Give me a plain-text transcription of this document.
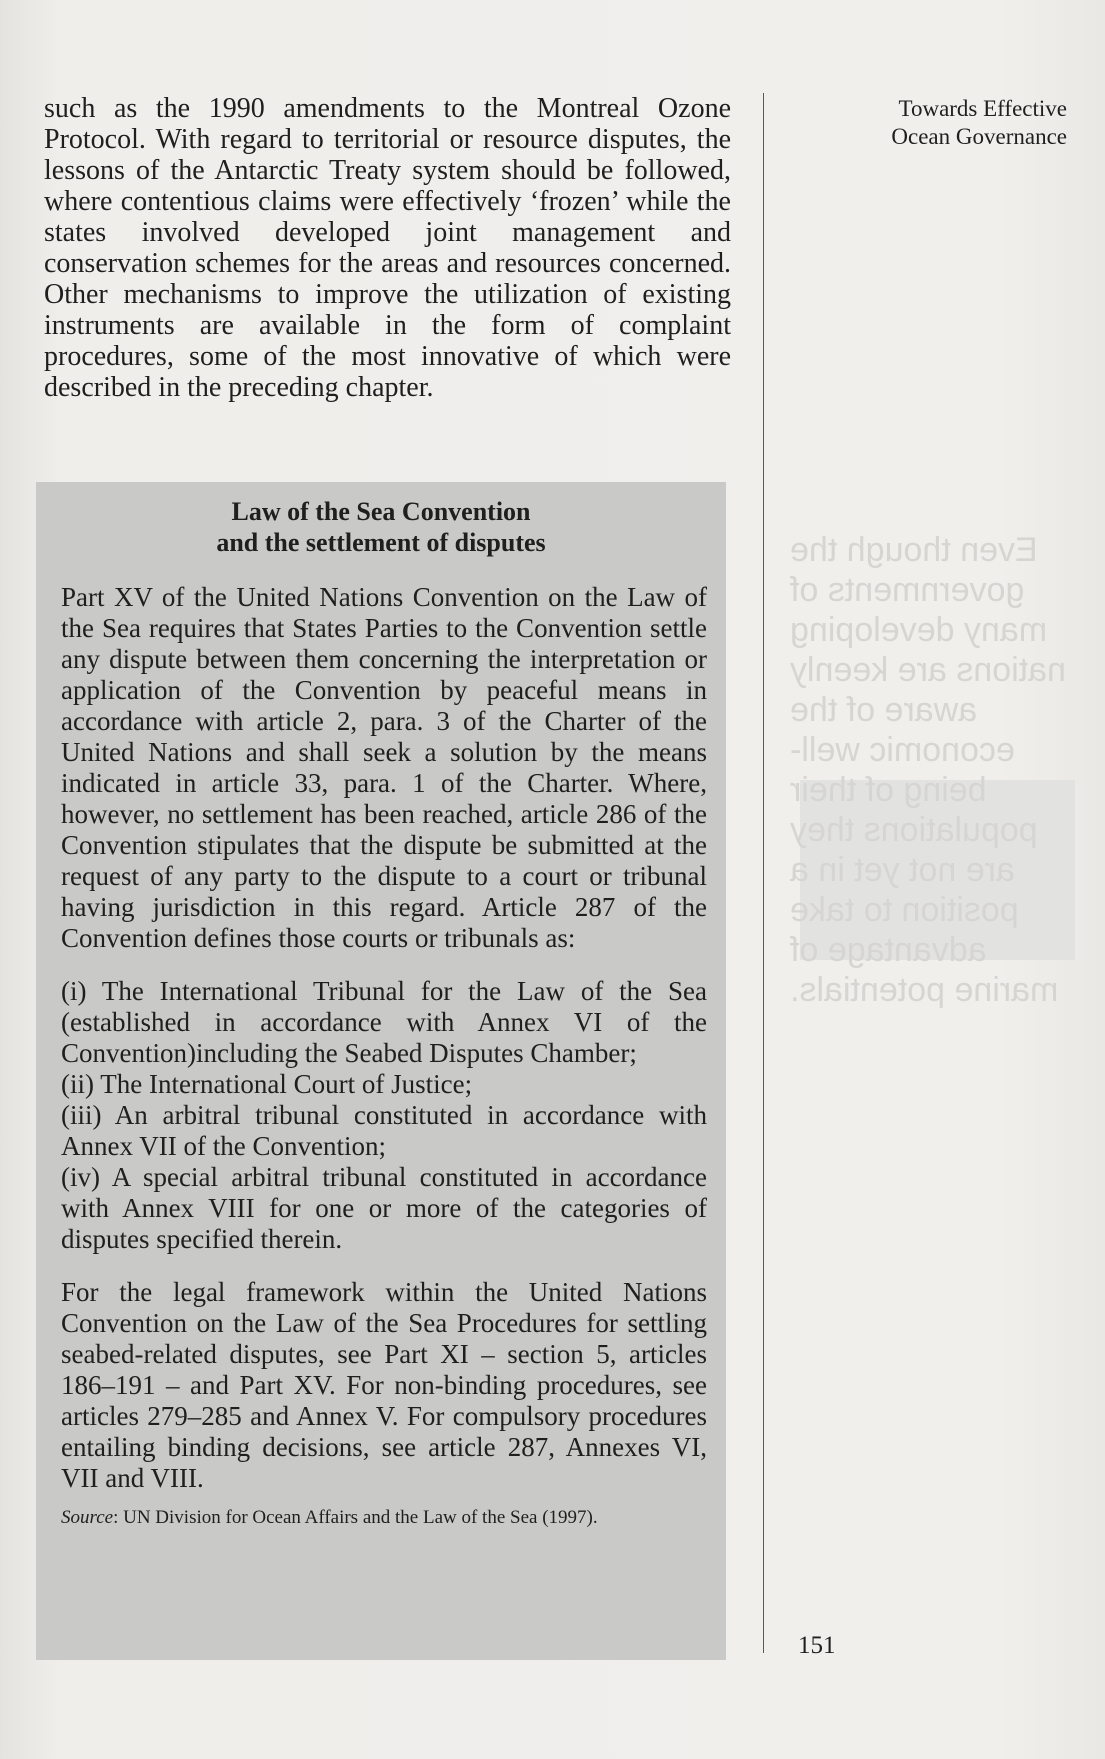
Even though the governments of many developing nations are keenly aware of the economic well-being of their populations they are not yet in a position to take advantage of marine potentials.
Towards Effective
Ocean Governance

such as the 1990 amendments to the Montreal Ozone Protocol. With regard to territorial or resource disputes, the lessons of the Antarctic Treaty system should be followed, where contentious claims were effectively ‘frozen’ while the states involved developed joint management and conservation schemes for the areas and resources concerned. Other mechanisms to improve the utilization of existing instruments are available in the form of complaint procedures, some of the most innovative of which were described in the preceding chapter.

Law of the Sea Convention
and the settlement of disputes

Part XV of the United Nations Convention on the Law of the Sea requires that States Parties to the Convention settle any dispute between them concerning the interpretation or application of the Convention by peaceful means in accordance with article 2, para. 3 of the Charter of the United Nations and shall seek a solution by the means indicated in article 33, para. 1 of the Charter. Where, however, no settlement has been reached, article 286 of the Convention stipulates that the dispute be submitted at the request of any party to the dispute to a court or tribunal having jurisdiction in this regard. Article 287 of the Convention defines those courts or tribunals as:

(i) The International Tribunal for the Law of the Sea (established in accordance with Annex VI of the Convention)including the Seabed Disputes Chamber;

(ii) The International Court of Justice;

(iii) An arbitral tribunal constituted in accordance with Annex VII of the Convention;

(iv) A special arbitral tribunal constituted in accordance with Annex VIII for one or more of the categories of disputes specified therein.

For the legal framework within the United Nations Convention on the Law of the Sea Procedures for settling seabed-related disputes, see Part XI – section 5, articles 186–191 – and Part XV. For non-binding procedures, see articles 279–285 and Annex V. For compulsory procedures entailing binding decisions, see article 287, Annexes VI, VII and VIII.

Source: UN Division for Ocean Affairs and the Law of the Sea (1997).
151
